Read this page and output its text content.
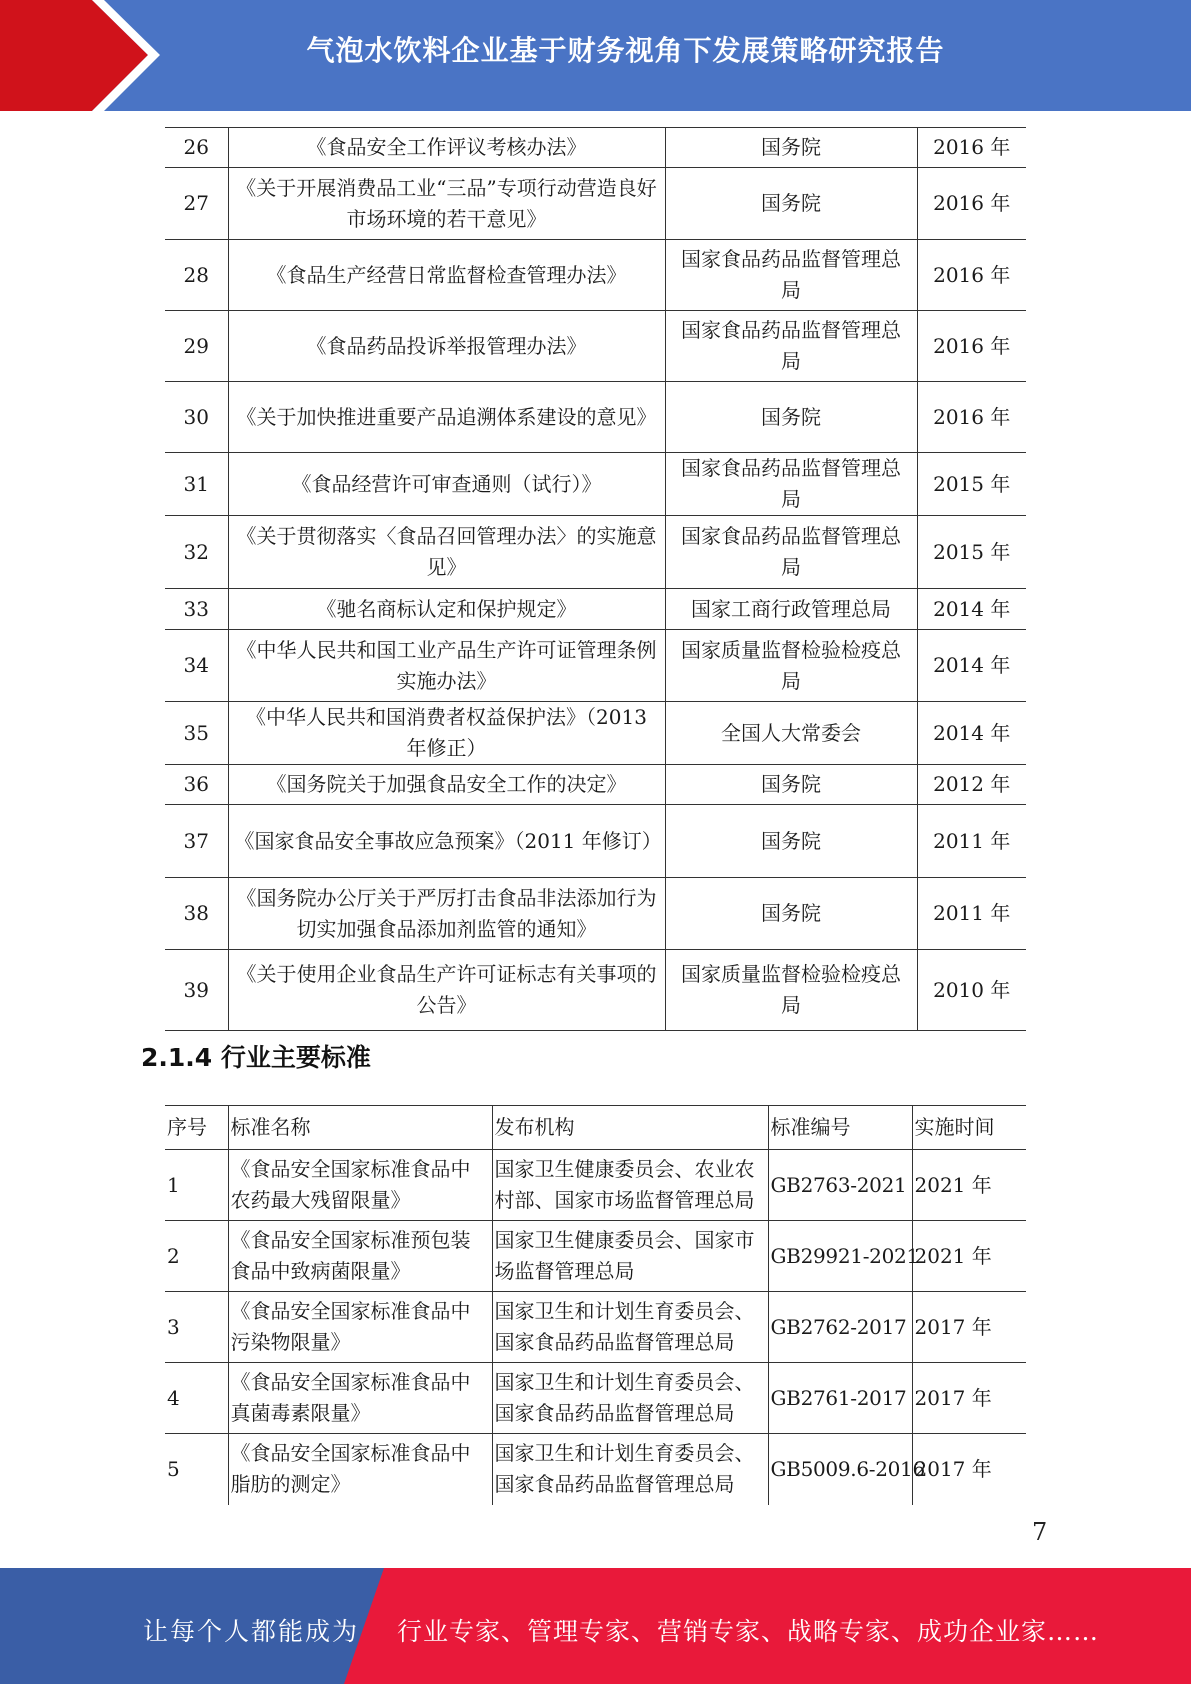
气泡水饮料企业基于财务视角下发展策略研究报告
26	《食品安全工作评议考核办法》	国务院	2016 年
27	《关于开展消费品工业“三品”专项行动营造良好市场环境的若干意见》	国务院	2016 年
28	《食品生产经营日常监督检查管理办法》	国家食品药品监督管理总局	2016 年
29	《食品药品投诉举报管理办法》	国家食品药品监督管理总局	2016 年
30	《关于加快推进重要产品追溯体系建设的意见》	国务院	2016 年
31	《食品经营许可审查通则（试行）》	国家食品药品监督管理总局	2015 年
32	《关于贯彻落实〈食品召回管理办法〉的实施意见》	国家食品药品监督管理总局	2015 年
33	《驰名商标认定和保护规定》	国家工商行政管理总局	2014 年
34	《中华人民共和国工业产品生产许可证管理条例实施办法》	国家质量监督检验检疫总局	2014 年
35	《中华人民共和国消费者权益保护法》（2013 年修正）	全国人大常委会	2014 年
36	《国务院关于加强食品安全工作的决定》	国务院	2012 年
37	《国家食品安全事故应急预案》（2011 年修订）	国务院	2011 年
38	《国务院办公厅关于严厉打击食品非法添加行为切实加强食品添加剂监管的通知》	国务院	2011 年
39	《关于使用企业食品生产许可证标志有关事项的公告》	国家质量监督检验检疫总局	2010 年
2.1.4 行业主要标准
序号	标准名称	发布机构	标准编号	实施时间
1	《食品安全国家标准食品中农药最大残留限量》	国家卫生健康委员会、农业农村部、国家市场监督管理总局	GB2763-2021	2021 年
2	《食品安全国家标准预包装食品中致病菌限量》	国家卫生健康委员会、国家市场监督管理总局	GB29921-2021	2021 年
3	《食品安全国家标准食品中污染物限量》	国家卫生和计划生育委员会、国家食品药品监督管理总局	GB2762-2017	2017 年
4	《食品安全国家标准食品中真菌毒素限量》	国家卫生和计划生育委员会、国家食品药品监督管理总局	GB2761-2017	2017 年
5	《食品安全国家标准食品中脂肪的测定》	国家卫生和计划生育委员会、国家食品药品监督管理总局	GB5009.6-2016	2017 年
7
让每个人都能成为 行业专家、管理专家、营销专家、战略专家、成功企业家……
